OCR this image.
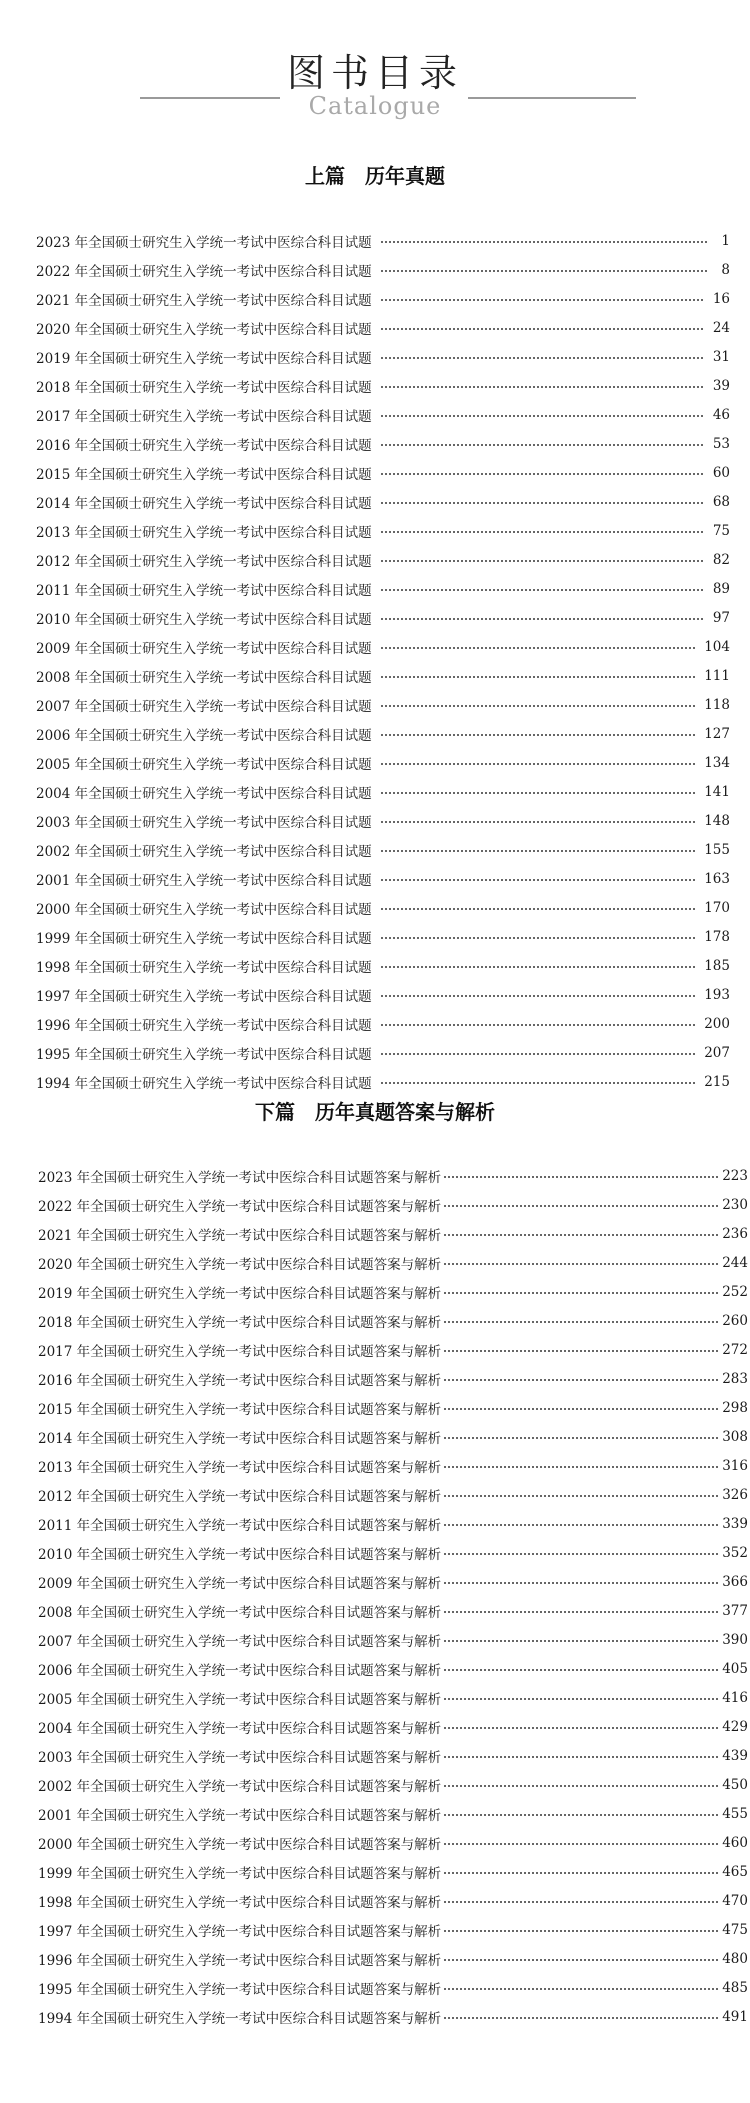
图书目录
Catalogue
上篇　历年真题
2023 年全国硕士研究生入学统一考试中医综合科目试题	1
2022 年全国硕士研究生入学统一考试中医综合科目试题	8
2021 年全国硕士研究生入学统一考试中医综合科目试题	16
2020 年全国硕士研究生入学统一考试中医综合科目试题	24
2019 年全国硕士研究生入学统一考试中医综合科目试题	31
2018 年全国硕士研究生入学统一考试中医综合科目试题	39
2017 年全国硕士研究生入学统一考试中医综合科目试题	46
2016 年全国硕士研究生入学统一考试中医综合科目试题	53
2015 年全国硕士研究生入学统一考试中医综合科目试题	60
2014 年全国硕士研究生入学统一考试中医综合科目试题	68
2013 年全国硕士研究生入学统一考试中医综合科目试题	75
2012 年全国硕士研究生入学统一考试中医综合科目试题	82
2011 年全国硕士研究生入学统一考试中医综合科目试题	89
2010 年全国硕士研究生入学统一考试中医综合科目试题	97
2009 年全国硕士研究生入学统一考试中医综合科目试题	104
2008 年全国硕士研究生入学统一考试中医综合科目试题	111
2007 年全国硕士研究生入学统一考试中医综合科目试题	118
2006 年全国硕士研究生入学统一考试中医综合科目试题	127
2005 年全国硕士研究生入学统一考试中医综合科目试题	134
2004 年全国硕士研究生入学统一考试中医综合科目试题	141
2003 年全国硕士研究生入学统一考试中医综合科目试题	148
2002 年全国硕士研究生入学统一考试中医综合科目试题	155
2001 年全国硕士研究生入学统一考试中医综合科目试题	163
2000 年全国硕士研究生入学统一考试中医综合科目试题	170
1999 年全国硕士研究生入学统一考试中医综合科目试题	178
1998 年全国硕士研究生入学统一考试中医综合科目试题	185
1997 年全国硕士研究生入学统一考试中医综合科目试题	193
1996 年全国硕士研究生入学统一考试中医综合科目试题	200
1995 年全国硕士研究生入学统一考试中医综合科目试题	207
1994 年全国硕士研究生入学统一考试中医综合科目试题	215
下篇　历年真题答案与解析
2023 年全国硕士研究生入学统一考试中医综合科目试题答案与解析	223
2022 年全国硕士研究生入学统一考试中医综合科目试题答案与解析	230
2021 年全国硕士研究生入学统一考试中医综合科目试题答案与解析	236
2020 年全国硕士研究生入学统一考试中医综合科目试题答案与解析	244
2019 年全国硕士研究生入学统一考试中医综合科目试题答案与解析	252
2018 年全国硕士研究生入学统一考试中医综合科目试题答案与解析	260
2017 年全国硕士研究生入学统一考试中医综合科目试题答案与解析	272
2016 年全国硕士研究生入学统一考试中医综合科目试题答案与解析	283
2015 年全国硕士研究生入学统一考试中医综合科目试题答案与解析	298
2014 年全国硕士研究生入学统一考试中医综合科目试题答案与解析	308
2013 年全国硕士研究生入学统一考试中医综合科目试题答案与解析	316
2012 年全国硕士研究生入学统一考试中医综合科目试题答案与解析	326
2011 年全国硕士研究生入学统一考试中医综合科目试题答案与解析	339
2010 年全国硕士研究生入学统一考试中医综合科目试题答案与解析	352
2009 年全国硕士研究生入学统一考试中医综合科目试题答案与解析	366
2008 年全国硕士研究生入学统一考试中医综合科目试题答案与解析	377
2007 年全国硕士研究生入学统一考试中医综合科目试题答案与解析	390
2006 年全国硕士研究生入学统一考试中医综合科目试题答案与解析	405
2005 年全国硕士研究生入学统一考试中医综合科目试题答案与解析	416
2004 年全国硕士研究生入学统一考试中医综合科目试题答案与解析	429
2003 年全国硕士研究生入学统一考试中医综合科目试题答案与解析	439
2002 年全国硕士研究生入学统一考试中医综合科目试题答案与解析	450
2001 年全国硕士研究生入学统一考试中医综合科目试题答案与解析	455
2000 年全国硕士研究生入学统一考试中医综合科目试题答案与解析	460
1999 年全国硕士研究生入学统一考试中医综合科目试题答案与解析	465
1998 年全国硕士研究生入学统一考试中医综合科目试题答案与解析	470
1997 年全国硕士研究生入学统一考试中医综合科目试题答案与解析	475
1996 年全国硕士研究生入学统一考试中医综合科目试题答案与解析	480
1995 年全国硕士研究生入学统一考试中医综合科目试题答案与解析	485
1994 年全国硕士研究生入学统一考试中医综合科目试题答案与解析	491
